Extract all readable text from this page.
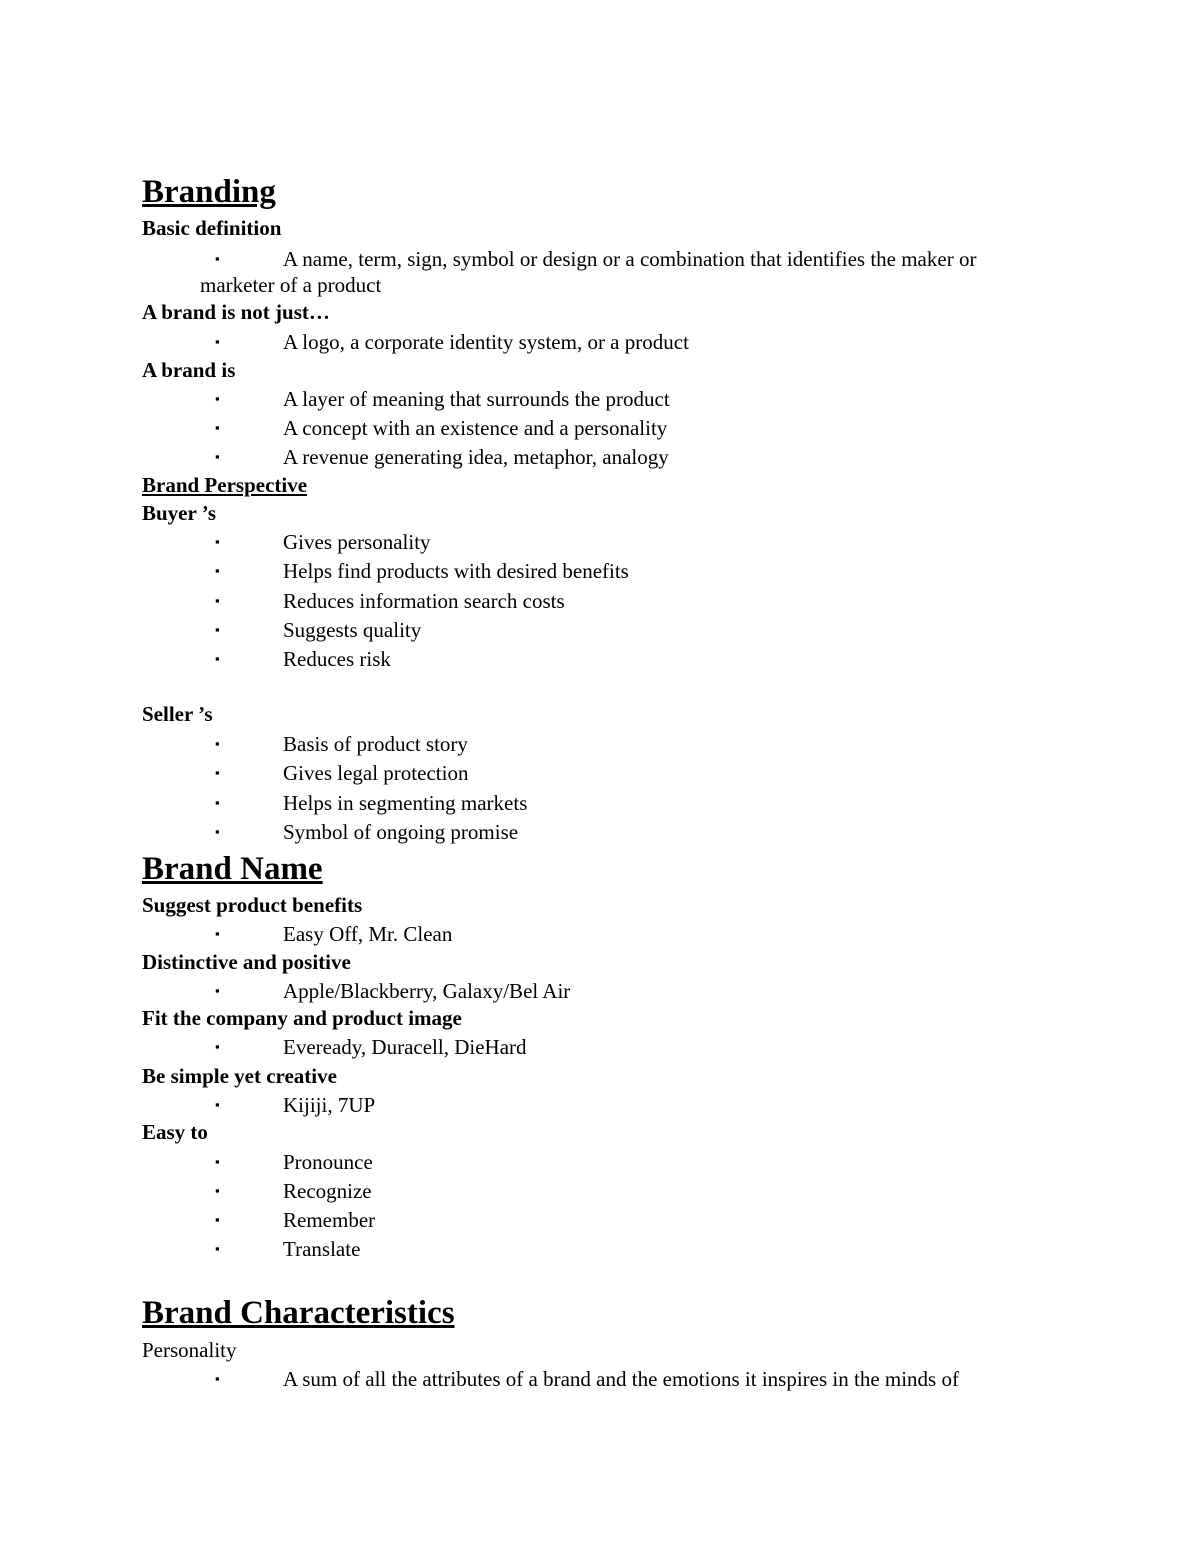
Branding
Basic definition
▪	A name, term, sign, symbol or design or a combination that identifies the maker or
marketer of a product
A brand is not just…
▪	A logo, a corporate identity system, or a product
A brand is
▪	A layer of meaning that surrounds the product
▪	A concept with an existence and a personality
▪	A revenue generating idea, metaphor, analogy
Brand Perspective
Buyer ’s
▪	Gives personality
▪	Helps find products with desired benefits
▪	Reduces information search costs
▪	Suggests quality
▪	Reduces risk
Seller ’s
▪	Basis of product story
▪	Gives legal protection
▪	Helps in segmenting markets
▪	Symbol of ongoing promise
Brand Name
Suggest product benefits
▪	Easy Off, Mr. Clean
Distinctive and positive
▪	Apple/Blackberry, Galaxy/Bel Air
Fit the company and product image
▪	Eveready, Duracell, DieHard
Be simple yet creative
▪	Kijiji, 7UP
Easy to
▪	Pronounce
▪	Recognize
▪	Remember
▪	Translate
Brand Characteristics
Personality
▪	A sum of all the attributes of a brand and the emotions it inspires in the minds of
